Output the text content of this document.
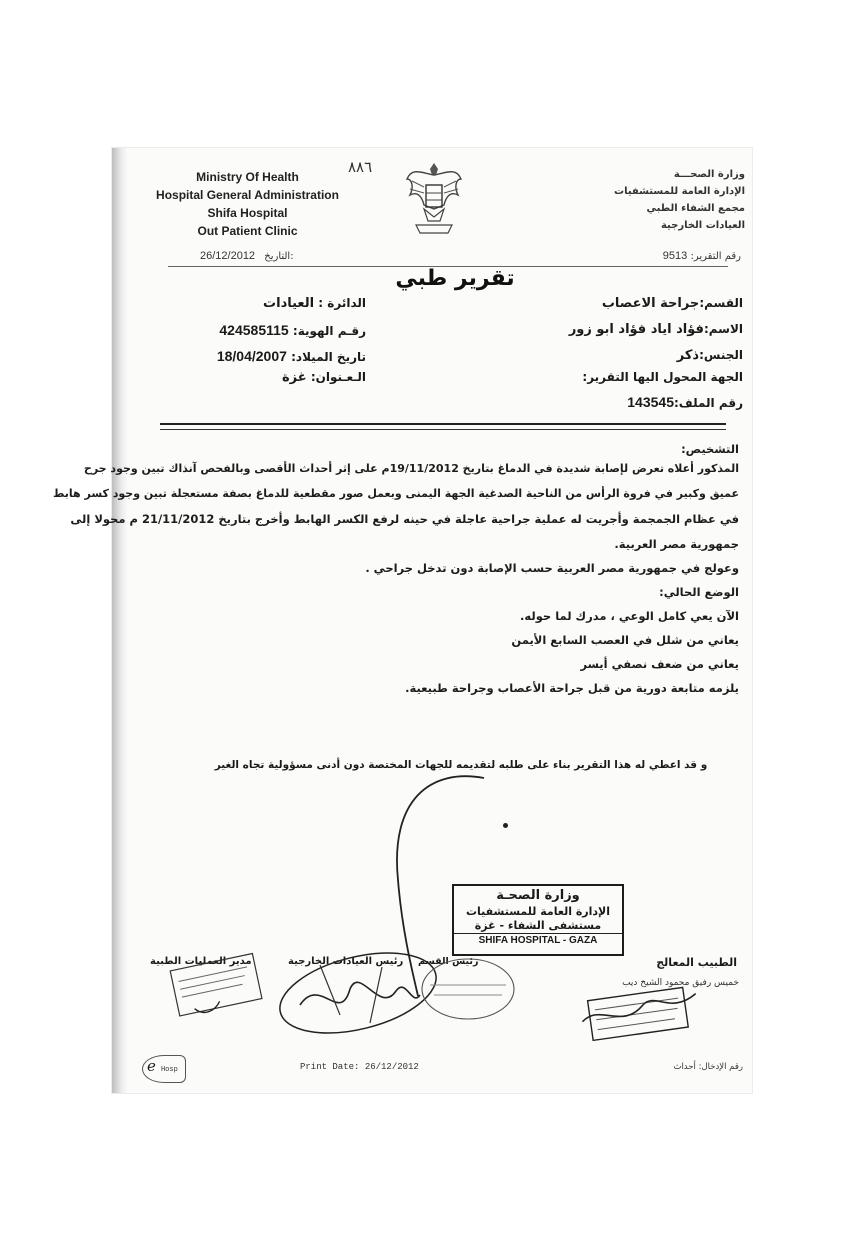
Ministry Of Health
Hospital General Administration
Shifa Hospital
Out Patient Clinic
٨٨٦	وزارة الصحـــة
الإدارة العامة للمستشفيات
مجمع الشفاء الطبي
العيادات الخارجية
26/12/2012 التاريخ:	رقم التقرير: 9513
تقرير طبي
القسم:جراحة الاعصاب
الاسم:فؤاد اياد فؤاد ابو زور
الجنس:ذكر
الجهة المحول اليها التقرير:
رقم الملف:143545
الدائرة : العيادات
رقـم الهوية: 424585115
تاريخ الميلاد: 18/04/2007
الـعـنوان: غزة
التشخيص:
المذكور أعلاه تعرض لإصابة شديدة في الدماغ بتاريخ 19/11/2012م على إثر أحداث الأقصى وبالفحص آنذاك تبين وجود جرح
عميق وكبير في فروة الرأس من الناحية الصدغية الجهة اليمنى وبعمل صور مقطعية للدماغ بصفة مستعجلة تبين وجود كسر هابط
في عظام الجمجمة وأجريت له عملية جراحية عاجلة في حينه لرفع الكسر الهابط وأخرج بتاريخ 21/11/2012 م محولا إلى
جمهورية مصر العربية.
وعولج في جمهورية مصر العربية حسب الإصابة دون تدخل جراحي .
الوضع الحالي:
الآن يعي كامل الوعي ، مدرك لما حوله.
يعاني من شلل في العصب السابع الأيمن
يعاني من ضعف نصفي أيسر
يلزمه متابعة دورية من قبل جراحة الأعصاب وجراحة طبيعية.
و قد اعطي له هذا التقرير بناء على طلبه لتقديمه للجهات المختصة دون أدنى مسؤولية تجاه الغير
وزارة الصحـة
الإدارة العامة للمستشفيات
مستشفى الشفاء - غزة
SHIFA HOSPITAL - GAZA
الطبيب المعالج
خميس رفيق محمود الشيخ ديب
رئيس القسم
رئيس العيادات الخارجية
مدير العمليات الطبية
e Hosp	Print Date: 26/12/2012	رقم الإدخال: أحداث
